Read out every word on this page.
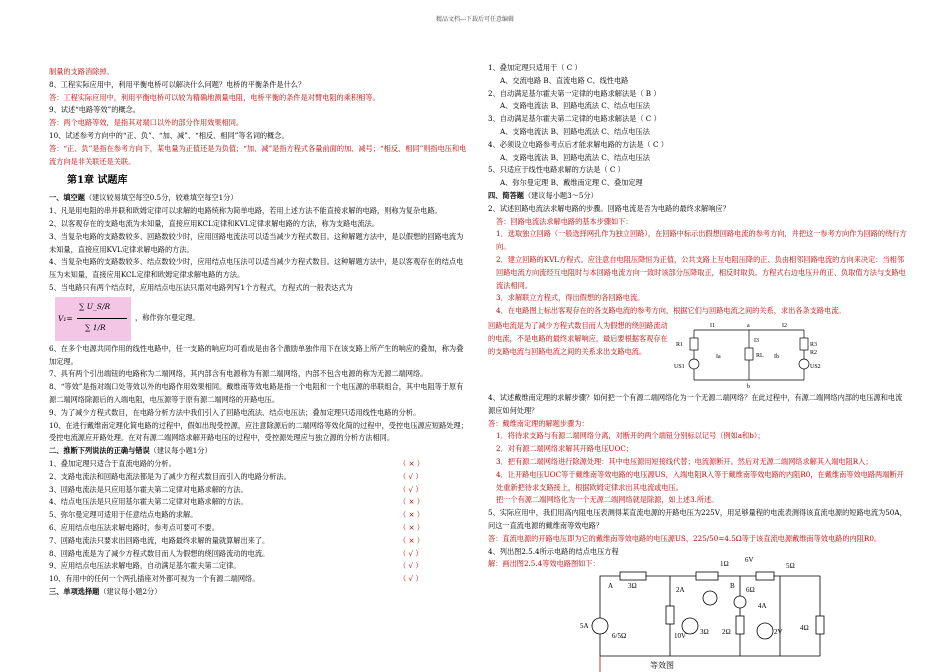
精品文档---下载后可任意编辑

制量的支路消除掉。

8、工程实际应用中，利用平衡电桥可以解决什么问题？电桥的平衡条件是什么？

答：工程实际应用中，利用平衡电桥可以较为精确地测量电阻，电桥平衡的条件是对臂电阻的乘积相等。

9、试述“电路等效”的概念。

答：两个电路等效，是指其对端口以外的部分作用效果相同。

10、试述参考方向中的“正、负”、“加、减”、“相反、相同”等名词的概念。

答：“正、负”是指在参考方向下，某电量为正值还是为负值；“加、减”是指方程式各量前面的加、减号；“相反、相同”则指电压和电流方向是非关联还是关联。

第1章 试题库

一、填空题（建议较易填空每空0.5分，较难填空每空1分）

1、凡是用电阻的串并联和欧姆定律可以求解的电路统称为简单电路，若用上述方法不能直接求解的电路，则称为复杂电路。

2、以客观存在的支路电流为未知量，直接应用KCL定律和KVL定律求解电路的方法，称为支路电流法。

3、当复杂电路的支路数较多、回路数较少时，应用回路电流法可以适当减少方程式数目。这种解题方法中，是以假想的回路电流为未知量，直接应用KVL定律求解电路的方法。

4、当复杂电路的支路数较多、结点数较少时，应用结点电压法可以适当减少方程式数目。这种解题方法中，是以客观存在的结点电压为未知量，直接应用KCL定律和欧姆定律求解电路的方法。

5、当电路只有两个结点时，应用结点电压法只需对电路列写1个方程式，方程式的一般表达式为

V₁=
∑ U_S/R
∑ 1/R
，称作弥尔曼定理。

6、在多个电源共同作用的线性电路中，任一支路的响应均可看成是由各个激励单独作用下在该支路上所产生的响应的叠加，称为叠加定理。

7、具有两个引出端钮的电路称为二端网络，其内部含有电源称为有源二端网络，内部不包含电源的称为无源二端网络。

8、“等效”是指对端口处等效以外的电路作用效果相同。戴维南等效电路是指一个电阻和一个电压源的串联组合，其中电阻等于原有源二端网络除源后的入端电阻，电压源等于原有源二端网络的开路电压。

9、为了减少方程式数目，在电路分析方法中我们引入了回路电流法、结点电压法；叠加定理只适用线性电路的分析。

10、在进行戴维南定理化简电路的过程中，假如出现受控源，应注意除源后的二端网络等效化简的过程中，受控电压源应短路处理；受控电流源应开路处理。在对有源二端网络求解开路电压的过程中，受控源处理应与独立源的分析方法相同。

二、推断下列说法的正确与错误（建议每小题1分）

1、叠加定理只适合于直流电路的分析。	（ × ）
2、支路电流法和回路电流法都是为了减少方程式数目而引入的电路分析法。	（ √ ）
3、回路电流法是只应用基尔霍夫第二定律对电路求解的方法。	（ √ ）
4、结点电压法是只应用基尔霍夫第二定律对电路求解的方法。	（ × ）
5、弥尔曼定理可适用于任意结点电路的求解。	（ × ）
6、应用结点电压法求解电路时，参考点可要可不要。	（ × ）
7、回路电流法只要求出回路电流，电路最终求解的量就算解出来了。	（ × ）
8、回路电流是为了减少方程式数目而人为假想的绕回路流动的电流。	（ √ ）
9、应用结点电压法求解电路，自动满足基尔霍夫第二定律。	（ √ ）
10、有用中的任何一个两孔插座对外都可视为一个有源二端网络。	（ √ ）

三、单项选择题（建议每小题2分）

1、叠加定理只适用于（ C ）

A、交流电路 B、直流电路 C、线性电路

2、自动满足基尔霍夫第一定律的电路求解法是（ B ）

A、支路电流法 B、回路电流法 C、结点电压法

3、自动满足基尔霍夫第二定律的电路求解法是（ C ）

A、支路电流法 B、回路电流法 C、结点电压法

4、必须设立电路参考点后才能求解电路的方法是（ C ）

A、支路电流法 B、回路电流法 C、结点电压法

5、只适应于线性电路求解的方法是（ C ）

A、弥尔曼定理 B、戴维南定理 C、叠加定理

四、简答题（建议每小题3～5分）

2、试述回路电流法求解电路的步骤。回路电流是否为电路的最终求解响应？

答：回路电流法求解电路的基本步骤如下：

1．选取独立回路（一般选择网孔作为独立回路），在回路中标示出假想回路电流的参考方向，并把这一参考方向作为回路的绕行方向。

2．建立回路的KVL方程式。应注意自电阻压降恒为正值，公共支路上互电阻压降的正、负由相邻回路电流的方向来决定：当相邻回路电流方向流经互电阻时与本回路电流方向一致时该部分压降取正，相反时取负。方程式右边电压升的正、负取值方法与支路电流法相同。

3．求解联立方程式，得出假想的各回路电流。

4．在电路图上标出客观存在的各支路电流的参考方向，根据它们与回路电流之间的关系，求出各条支路电流。

回路电流是为了减少方程式数目而人为假想的绕回路流动的电流，不是电路的最终求解响应，最后要根据客观存在的支路电流与回路电流之间的关系求出支路电流。

I1	a	I2
R1	R3
RL	R2
US1	US2
b
I3
Ia	Ib

4、试述戴维南定理的求解步骤？如何把一个有源二端网络化为一个无源二端网络？在此过程中，有源二端网络内部的电压源和电流源应如何处理？

答：戴维南定理的解题步骤为：

1．将待求支路与有源二端网络分离，对断开的两个端钮分别标以记号（例如a和b）；

2．对有源二端网络求解其开路电压UOC；

3．把有源二端网络进行除源处理：其中电压源用短接线代替；电流源断开。然后对无源二端网络求解其入端电阻R入；

4．让开路电压UOC等于戴维南等效电路的电压源US，入端电阻R入等于戴维南等效电路的内阻R0，在戴维南等效电路两端断开处重新把待求支路接上，根据欧姆定律求出其电流或电压。

把一个有源二端网络化为一个无源二端网络就是除源，如上述3.所述。

5、实际应用中，我们用高内阻电压表测得某直流电源的开路电压为225V，用足够量程的电流表测得该直流电源的短路电流为50A，问这一直流电源的戴维南等效电路？

答：直流电源的开路电压即为它的戴维南等效电路的电压源US，225/50=4.5Ω等于该直流电源戴维南等效电路的内阻R0。

4、列出图2.5.4所示电路的结点电压方程

解：画出图2.5.4等效电路图如下：	1Ω 6V
5Ω
A 3Ω	2A	B 6Ω
4A
5A
6/5Ω	10V 3Ω 2Ω	4Ω
2V
等效图
